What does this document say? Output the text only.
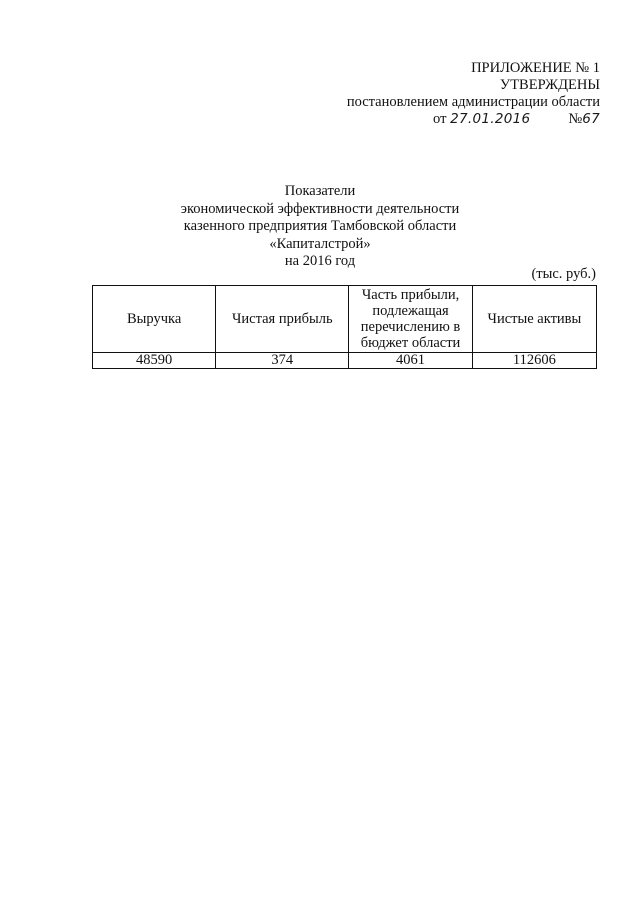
ПРИЛОЖЕНИЕ № 1
УТВЕРЖДЕНЫ
постановлением администрации области
от 27.01.2016	№67
Показатели
экономической эффективности деятельности
казенного предприятия Тамбовской области
«Капиталстрой»
на 2016 год
(тыс. руб.)
Выручка	Чистая прибыль	Часть прибыли, подлежащая перечислению в бюджет области	Чистые активы
48590	374	4061	112606
